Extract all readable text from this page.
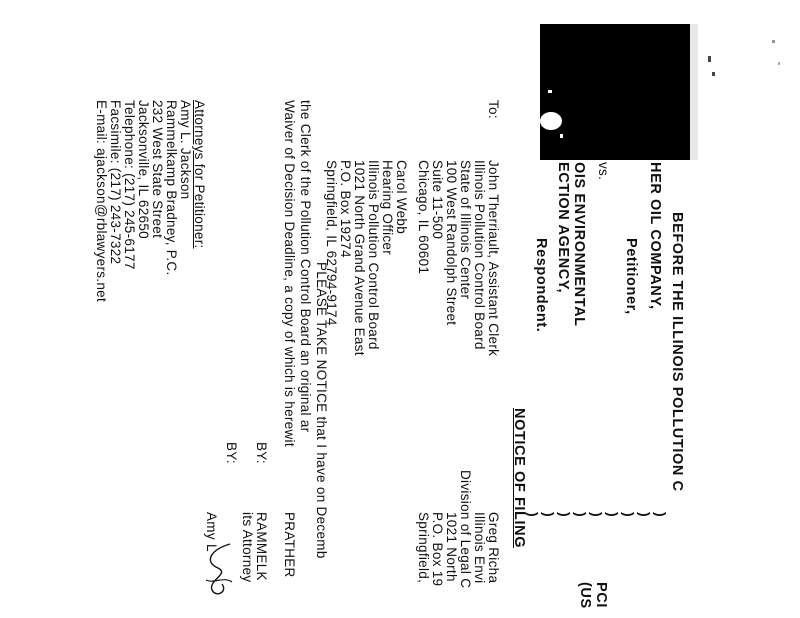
BEFORE THE ILLINOIS POLLUTION C
HER OIL COMPANY,
Petitioner,
vs.
OIS ENVIRONMENTAL
ECTION AGENCY,
Respondent.
)
)
)
)
)
)
)
)
)
PCI
(US
NOTICE OF FILING
To:
John Therriault, Assistant Clerk
Illinois Pollution Control Board
State of Illinois Center
100 West Randolph Street
Suite 11-500
Chicago, IL 60601
Greg Richa
Illinois Envi
Division of Legal C
1021 North
P.O. Box 19
Springfield,
Carol Webb
Hearing Officer
Illinois Pollution Control Board
1021 North Grand Avenue East
P.O. Box 19274
Springfield, IL 62794-9174
PLEASE TAKE NOTICE that I have on Decemb
the Clerk of the Pollution Control Board an original ar
Waiver of Decision Deadline, a copy of which is herewit
PRATHER
BY:
RAMMELK
its Attorney
BY:
Amy L
Attorneys for Petitioner:
Amy L. Jackson
Rammelkamp Bradney, P.C.
232 West State Street
Jacksonville, IL 62650
Telephone: (217) 245-6177
Facsimile: (217) 243-7322
E-mail: ajackson@rblawyers.net
